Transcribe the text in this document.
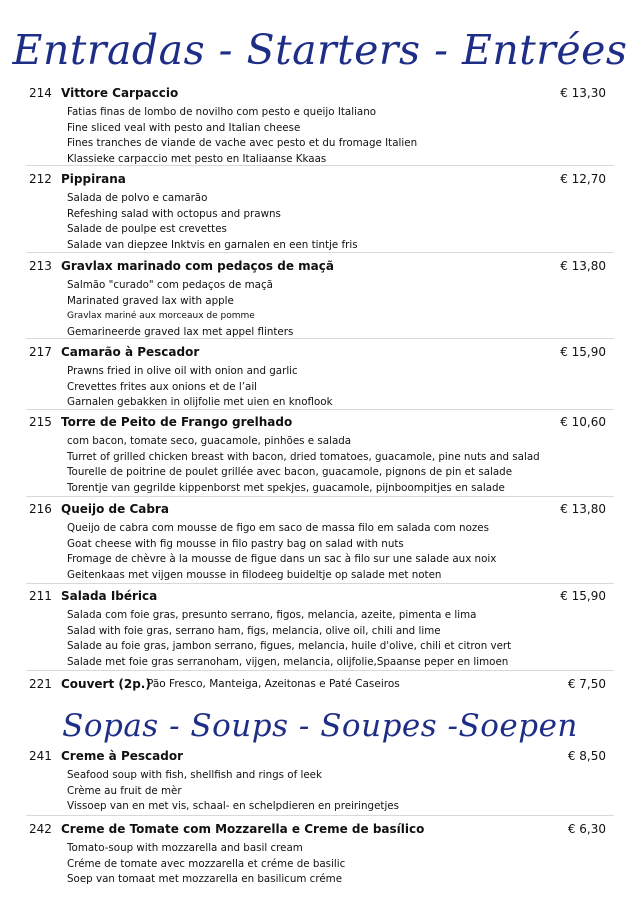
Entradas - Starters - Entrées
214 Vittore Carpaccio	€ 13,30
Fatias finas de lombo de novilho com pesto e queijo Italiano
Fine sliced veal with pesto and Italian cheese
Fines tranches de viande de vache avec pesto et du fromage Italien
Klassieke carpaccio met pesto en Italiaanse Kkaas
212 Pippirana	€ 12,70
Salada de polvo e camarão
Refeshing salad with octopus and prawns
Salade de poulpe est crevettes
Salade van diepzee Inktvis en garnalen en een tintje fris
213 Gravlax marinado com pedaços de maçã	€ 13,80
Salmão "curado" com pedaços de maçã
Marinated graved lax with apple
Gravlax mariné aux morceaux de pomme
Gemarineerde graved lax met appel flinters
217 Camarão à Pescador	€ 15,90
Prawns fried in olive oil with onion and garlic
Crevettes frites aux onions et de l’ail
Garnalen gebakken in olijfolie met uien en knoflook
215 Torre de Peito de Frango grelhado	€ 10,60
com bacon, tomate seco, guacamole, pinhões e salada
Turret of grilled chicken breast with bacon, dried tomatoes, guacamole, pine nuts and salad
Tourelle de poitrine de poulet grillée avec bacon, guacamole, pignons de pin et salade
Torentje van gegrilde kippenborst met spekjes, guacamole, pijnboompitjes en salade
216 Queijo de Cabra	€ 13,80
Queijo de cabra com mousse de figo em saco de massa filo em salada com nozes
Goat cheese with fig mousse in filo pastry bag on salad with nuts
Fromage de chèvre à la mousse de figue dans un sac à filo sur une salade aux noix
Geitenkaas met vijgen mousse in filodeeg buideltje op salade met noten
211 Salada Ibérica	€ 15,90
Salada com foie gras, presunto serrano, figos, melancia, azeite, pimenta e lima
Salad with foie gras, serrano ham, figs, melancia, olive oil, chili and lime
Salade au foie gras, jambon serrano, figues, melancia, huile d'olive, chili et citron vert
Salade met foie gras serranoham, vijgen, melancia, olijfolie,Spaanse peper en limoen
221 Couvert (2p.)
Pão Fresco, Manteiga, Azeitonas e Paté Caseiros	€ 7,50
Sopas - Soups - Soupes -Soepen
241 Creme à Pescador	€ 8,50
Seafood soup with fish, shellfish and rings of leek
Crème au fruit de mèr
Vissoep van en met vis, schaal- en schelpdieren en preiringetjes
242 Creme de Tomate com Mozzarella e Creme de basílico	€ 6,30
Tomato-soup with mozzarella and basil cream
Créme de tomate avec mozzarella et créme de basilic
Soep van tomaat met mozzarella en basilicum créme
